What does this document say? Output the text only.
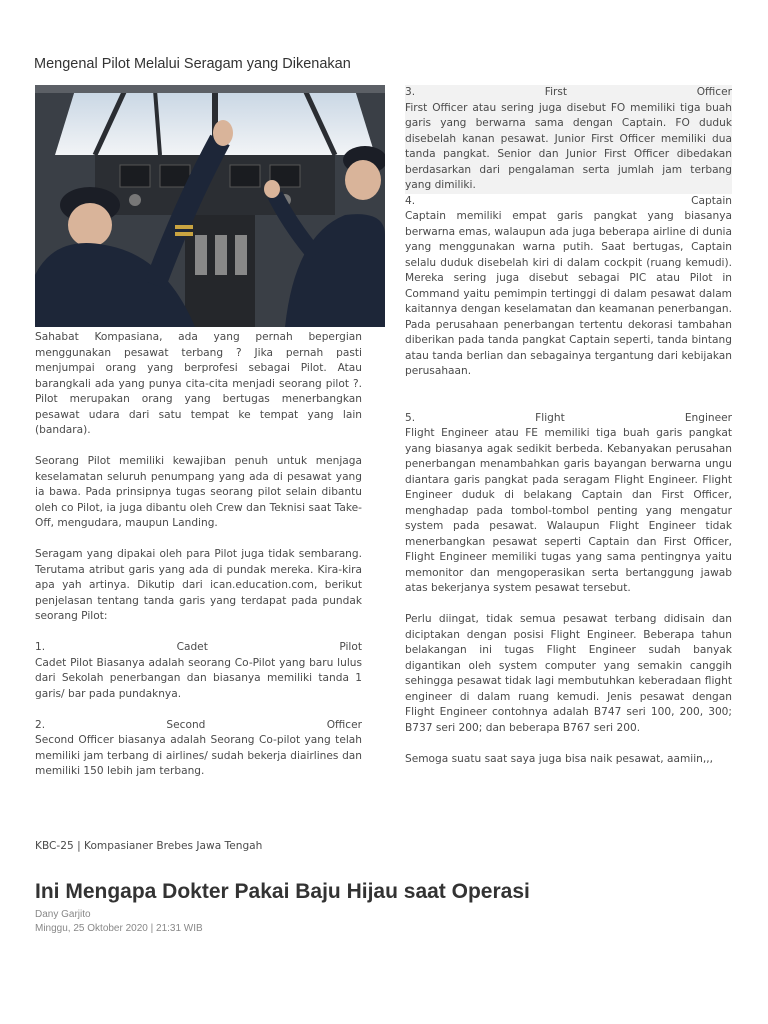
Mengenal Pilot Melalui Seragam yang Dikenakan

Sahabat Kompasiana, ada yang pernah bepergian menggunakan pesawat terbang ? Jika pernah pasti menjumpai orang yang berprofesi sebagai Pilot. Atau barangkali ada yang punya cita-cita menjadi seorang pilot ?. Pilot merupakan orang yang bertugas menerbangkan pesawat udara dari satu tempat ke tempat yang lain (bandara).

Seorang Pilot memiliki kewajiban penuh untuk menjaga keselamatan seluruh penumpang yang ada di pesawat yang ia bawa. Pada prinsipnya tugas seorang pilot selain dibantu oleh co Pilot, ia juga dibantu oleh Crew dan Teknisi saat Take-Off, mengudara, maupun Landing.

Seragam yang dipakai oleh para Pilot juga tidak sembarang. Terutama atribut garis yang ada di pundak mereka. Kira-kira apa yah artinya. Dikutip dari ican.education.com, berikut penjelasan tentang tanda garis yang terdapat pada pundak seorang Pilot:

1.	Cadet	Pilot

Cadet Pilot Biasanya adalah seorang Co-Pilot yang baru lulus dari Sekolah penerbangan dan biasanya memiliki tanda 1 garis/ bar pada pundaknya.

2.	Second	Officer

Second Officer biasanya adalah Seorang Co-pilot yang telah memiliki jam terbang di airlines/ sudah bekerja diairlines dan memiliki 150 lebih jam terbang.

3.	First	Officer

First Officer atau sering juga disebut FO memiliki tiga buah garis yang berwarna sama dengan Captain. FO duduk disebelah kanan pesawat. Junior First Officer memiliki dua tanda pangkat. Senior dan Junior First Officer dibedakan berdasarkan dari pengalaman serta jumlah jam terbang yang dimiliki.

4.	Captain

Captain memiliki empat garis pangkat yang biasanya berwarna emas, walaupun ada juga beberapa airline di dunia yang menggunakan warna putih. Saat bertugas, Captain selalu duduk disebelah kiri di dalam cockpit (ruang kemudi). Mereka sering juga disebut sebagai PIC atau Pilot in Command yaitu pemimpin tertinggi di dalam pesawat dalam kaitannya dengan keselamatan dan keamanan penerbangan. Pada perusahaan penerbangan tertentu dekorasi tambahan diberikan pada tanda pangkat Captain seperti, tanda bintang atau tanda berlian dan sebagainya tergantung dari kebijakan perusahaan.

5.	Flight	Engineer

Flight Engineer atau FE memiliki tiga buah garis pangkat yang biasanya agak sedikit berbeda. Kebanyakan perusahan penerbangan menambahkan garis bayangan berwarna ungu diantara garis pangkat pada seragam Flight Engineer. Flight Engineer duduk di belakang Captain dan First Officer, menghadap pada tombol-tombol penting yang mengatur system pada pesawat. Walaupun Flight Engineer tidak menerbangkan pesawat seperti Captain dan First Officer, Flight Engineer memiliki tugas yang sama pentingnya yaitu memonitor dan mengoperasikan serta bertanggung jawab atas bekerjanya system pesawat tersebut.

Perlu diingat, tidak semua pesawat terbang didisain dan diciptakan dengan posisi Flight Engineer. Beberapa tahun belakangan ini tugas Flight Engineer sudah banyak digantikan oleh system computer yang semakin canggih sehingga pesawat tidak lagi membutuhkan keberadaan flight engineer di dalam ruang kemudi. Jenis pesawat dengan Flight Engineer contohnya adalah B747 seri 100, 200, 300; B737 seri 200; dan beberapa B767 seri 200.

Semoga suatu saat saya juga bisa naik pesawat, aamiin,,,

KBC-25 | Kompasianer Brebes Jawa Tengah
Ini Mengapa Dokter Pakai Baju Hijau saat Operasi
Dany Garjito
Minggu, 25 Oktober 2020 | 21:31 WIB
